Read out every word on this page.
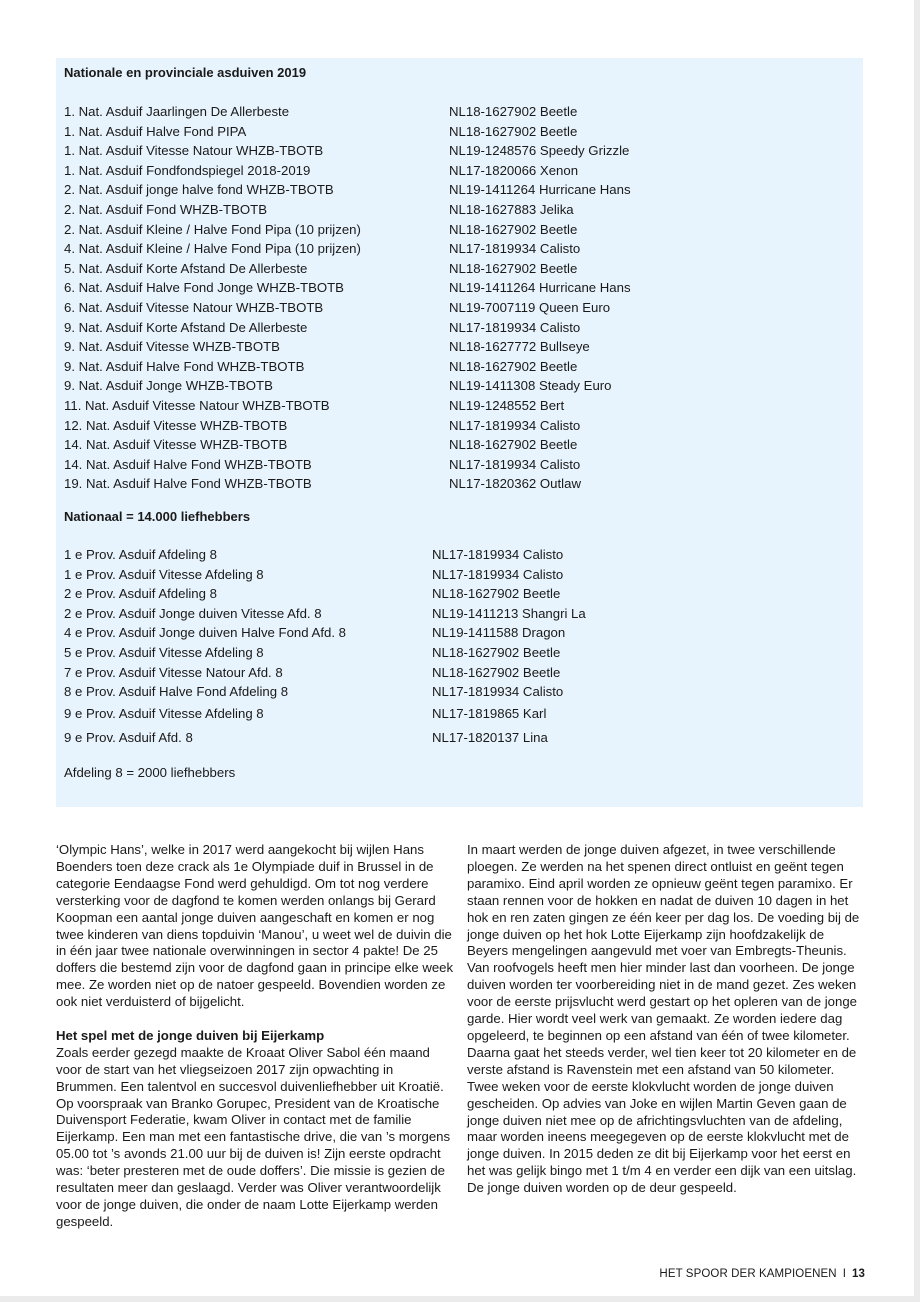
Nationale en provinciale asduiven 2019
1. Nat. Asduif Jaarlingen De Allerbeste	NL18-1627902 Beetle
1. Nat. Asduif Halve Fond PIPA	NL18-1627902 Beetle
1. Nat. Asduif Vitesse Natour WHZB-TBOTB	NL19-1248576 Speedy Grizzle
1. Nat. Asduif Fondfondspiegel 2018-2019	NL17-1820066 Xenon
2. Nat. Asduif jonge halve fond WHZB-TBOTB	NL19-1411264 Hurricane Hans
2. Nat. Asduif Fond WHZB-TBOTB	NL18-1627883 Jelika
2. Nat. Asduif Kleine / Halve Fond Pipa (10 prijzen)	NL18-1627902 Beetle
4. Nat. Asduif Kleine / Halve Fond Pipa (10 prijzen)	NL17-1819934 Calisto
5. Nat. Asduif Korte Afstand De Allerbeste	NL18-1627902 Beetle
6. Nat. Asduif Halve Fond Jonge WHZB-TBOTB	NL19-1411264 Hurricane Hans
6. Nat. Asduif Vitesse Natour WHZB-TBOTB	NL19-7007119 Queen Euro
9. Nat. Asduif Korte Afstand De Allerbeste	NL17-1819934 Calisto
9. Nat. Asduif Vitesse WHZB-TBOTB	NL18-1627772 Bullseye
9. Nat. Asduif Halve Fond WHZB-TBOTB	NL18-1627902 Beetle
9. Nat. Asduif Jonge WHZB-TBOTB	NL19-1411308 Steady Euro
11. Nat. Asduif Vitesse Natour WHZB-TBOTB	NL19-1248552 Bert
12. Nat. Asduif Vitesse WHZB-TBOTB	NL17-1819934 Calisto
14. Nat. Asduif Vitesse WHZB-TBOTB	NL18-1627902 Beetle
14. Nat. Asduif Halve Fond WHZB-TBOTB	NL17-1819934 Calisto
19. Nat. Asduif Halve Fond WHZB-TBOTB	NL17-1820362 Outlaw
Nationaal = 14.000 liefhebbers
1 e Prov. Asduif Afdeling 8	NL17-1819934 Calisto
1 e Prov. Asduif Vitesse Afdeling 8	NL17-1819934 Calisto
2 e Prov. Asduif Afdeling 8	NL18-1627902 Beetle
2 e Prov. Asduif Jonge duiven Vitesse Afd. 8	NL19-1411213 Shangri La
4 e Prov. Asduif Jonge duiven Halve Fond Afd. 8	NL19-1411588 Dragon
5 e Prov. Asduif Vitesse Afdeling 8	NL18-1627902 Beetle
7 e Prov. Asduif Vitesse Natour Afd. 8	NL18-1627902 Beetle
8 e Prov. Asduif Halve Fond Afdeling 8	NL17-1819934 Calisto
9 e Prov. Asduif Vitesse Afdeling 8	NL17-1819865 Karl
9 e Prov. Asduif Afd. 8	NL17-1820137 Lina
Afdeling 8 = 2000 liefhebbers

‘Olympic Hans’, welke in 2017 werd aangekocht bij wijlen Hans Boenders toen deze crack als 1e Olympiade duif in Brussel in de categorie Eendaagse Fond werd gehuldigd. Om tot nog verdere versterking voor de dagfond te komen werden onlangs bij Gerard Koopman een aantal jonge duiven aangeschaft en komen er nog twee kinderen van diens topduivin ‘Manou’, u weet wel de duivin die in één jaar twee nationale overwinningen in sector 4 pakte! De 25 doffers die bestemd zijn voor de dagfond gaan in principe elke week mee. Ze worden niet op de natoer gespeeld. Bovendien worden ze ook niet verduisterd of bijgelicht.

Het spel met de jonge duiven bij Eijerkamp

Zoals eerder gezegd maakte de Kroaat Oliver Sabol één maand voor de start van het vliegseizoen 2017 zijn opwachting in Brummen. Een talentvol en succesvol duivenliefhebber uit Kroatië. Op voorspraak van Branko Gorupec, President van de Kroatische Duivensport Federatie, kwam Oliver in contact met de familie Eijerkamp. Een man met een fantastische drive, die van ’s morgens 05.00 tot ’s avonds 21.00 uur bij de duiven is! Zijn eerste opdracht was: ‘beter presteren met de oude doffers’. Die missie is gezien de resultaten meer dan geslaagd. Verder was Oliver verantwoordelijk voor de jonge duiven, die onder de naam Lotte Eijerkamp werden gespeeld.

In maart werden de jonge duiven afgezet, in twee verschillende ploegen. Ze werden na het spenen direct ontluist en geënt tegen paramixo. Eind april worden ze opnieuw geënt tegen paramixo. Er staan rennen voor de hokken en nadat de duiven 10 dagen in het hok en ren zaten gingen ze één keer per dag los. De voeding bij de jonge duiven op het hok Lotte Eijerkamp zijn hoofdzakelijk de Beyers mengelingen aangevuld met voer van Embregts-Theunis. Van roofvogels heeft men hier minder last dan voorheen. De jonge duiven worden ter voorbereiding niet in de mand gezet. Zes weken voor de eerste prijsvlucht werd gestart op het opleren van de jonge garde. Hier wordt veel werk van gemaakt. Ze worden iedere dag opgeleerd, te beginnen op een afstand van één of twee kilometer. Daarna gaat het steeds verder, wel tien keer tot 20 kilometer en de verste afstand is Ravenstein met een afstand van 50 kilometer. Twee weken voor de eerste klokvlucht worden de jonge duiven gescheiden. Op advies van Joke en wijlen Martin Geven gaan de jonge duiven niet mee op de africhtingsvluchten van de afdeling, maar worden ineens meegegeven op de eerste klokvlucht met de jonge duiven. In 2015 deden ze dit bij Eijerkamp voor het eerst en het was gelijk bingo met 1 t/m 4 en verder een dijk van een uitslag. De jonge duiven worden op de deur gespeeld.

HET SPOOR DER KAMPIOENEN I 13
